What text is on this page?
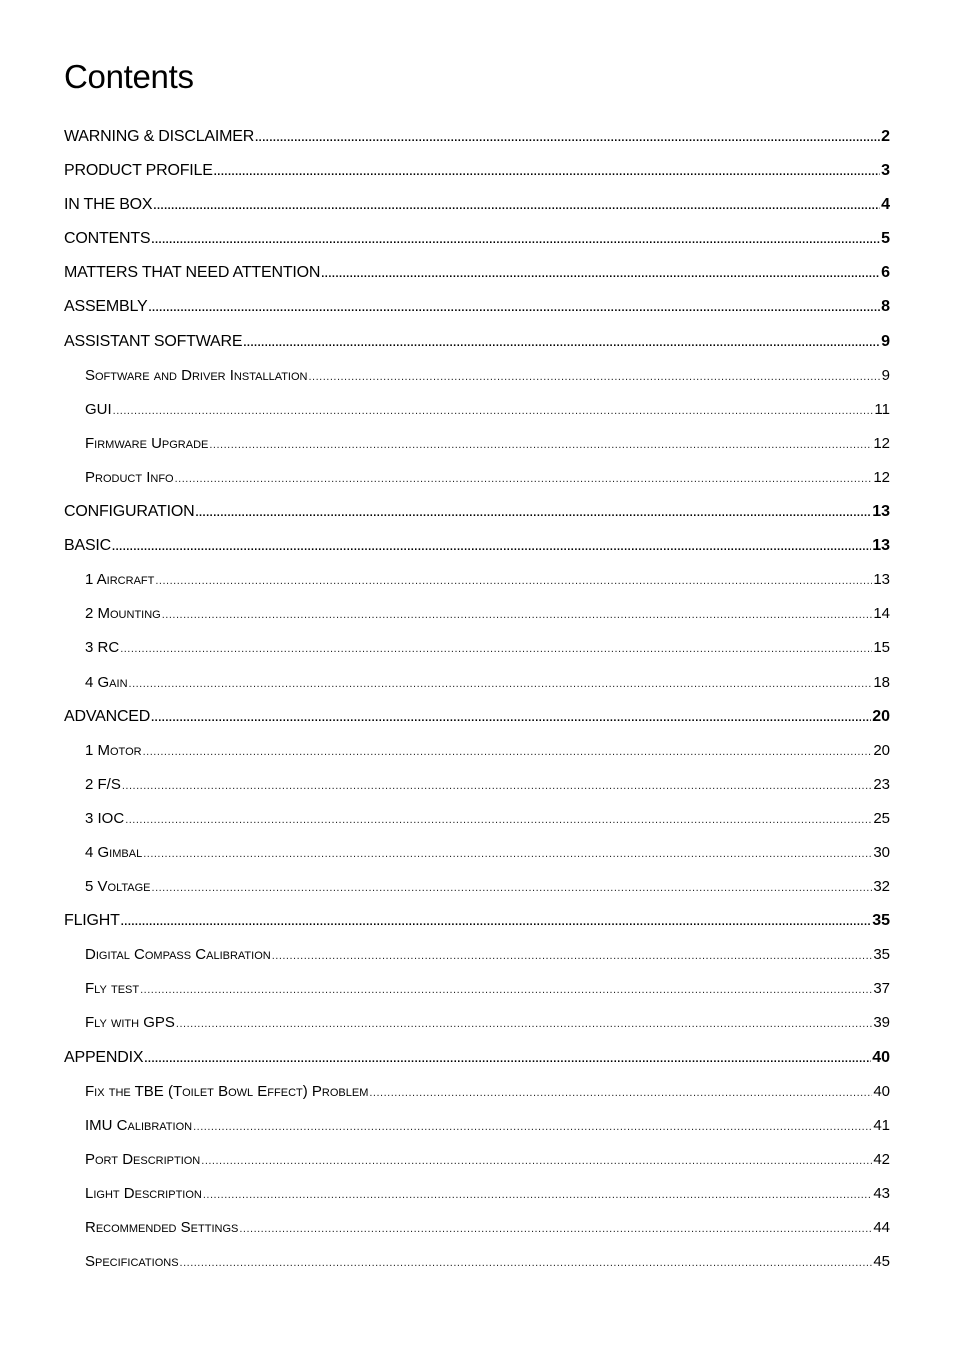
Contents
WARNING & DISCLAIMER .....	2
PRODUCT PROFILE .....	3
IN THE BOX .....	4
CONTENTS .....	5
MATTERS THAT NEED ATTENTION .....	6
ASSEMBLY .....	8
ASSISTANT SOFTWARE .....	9
Software and Driver Installation .....	9
GUI .....	11
Firmware Upgrade .....	12
Product Info .....	12
CONFIGURATION .....	13
BASIC .....	13
1 Aircraft .....	13
2 Mounting .....	14
3 RC .....	15
4 Gain .....	18
ADVANCED .....	20
1 Motor .....	20
2 F/S .....	23
3 IOC .....	25
4 Gimbal .....	30
5 Voltage .....	32
FLIGHT .....	35
Digital Compass Calibration .....	35
Fly test .....	37
Fly with GPS .....	39
APPENDIX .....	40
Fix the TBE (Toilet Bowl Effect) Problem .....	40
IMU Calibration .....	41
Port Description .....	42
Light Description .....	43
Recommended Settings .....	44
Specifications .....	45
